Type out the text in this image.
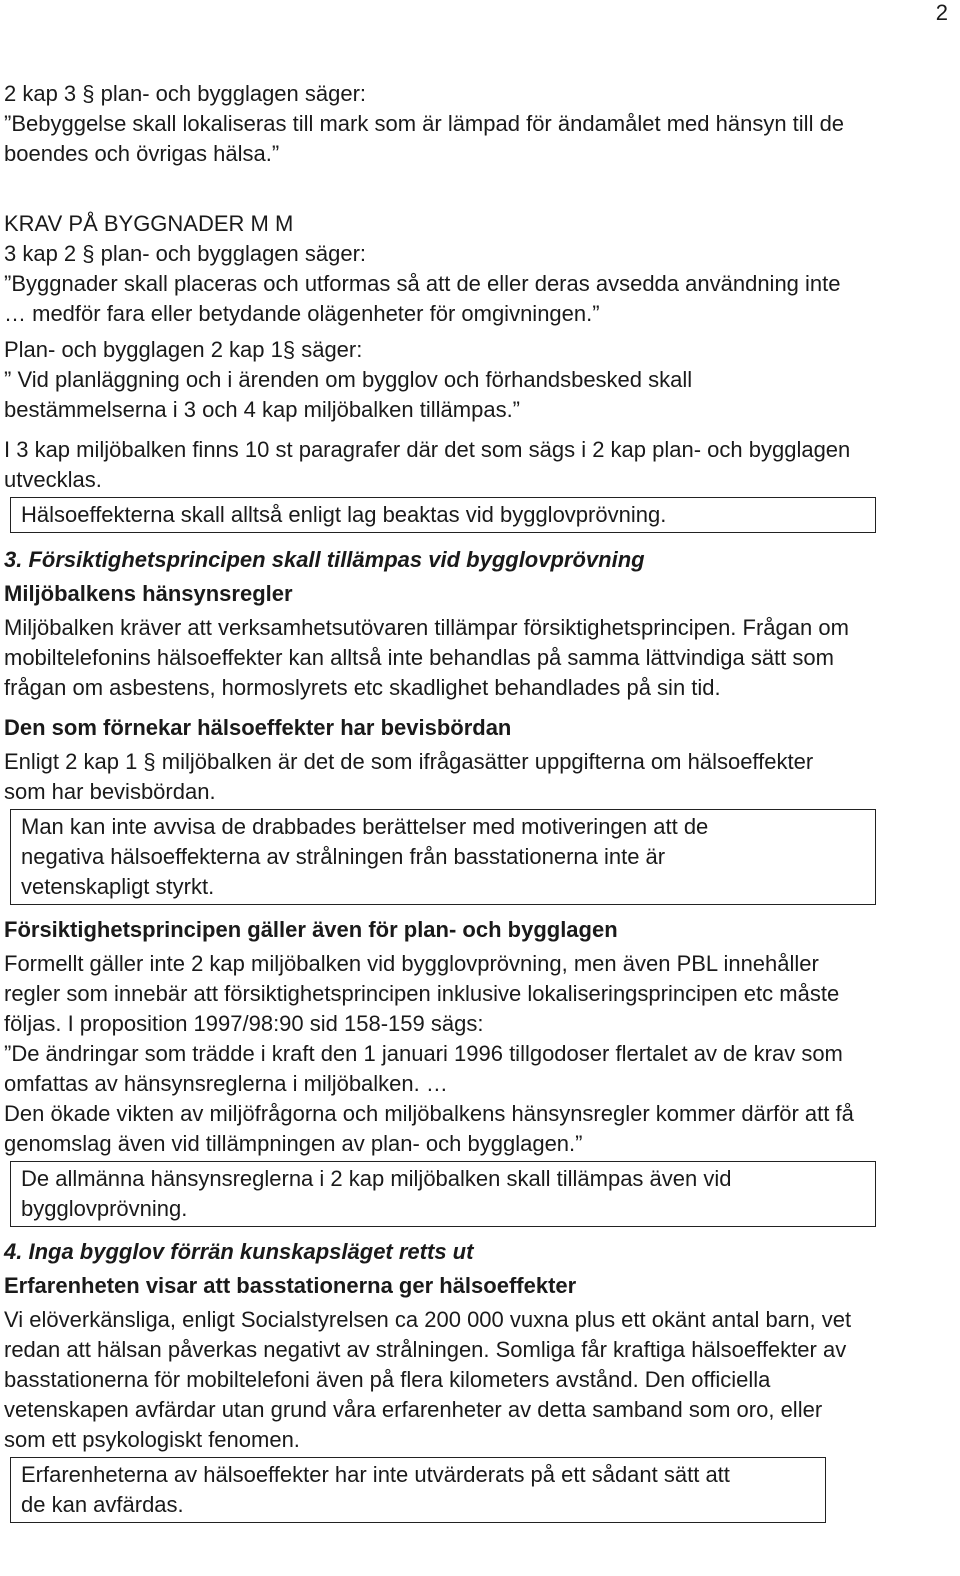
2
2 kap 3 § plan- och bygglagen säger:
”Bebyggelse skall lokaliseras till mark som är lämpad för ändamålet med hänsyn till de
boendes och övrigas hälsa.”
KRAV PÅ BYGGNADER M M
3 kap 2 § plan- och bygglagen säger:
”Byggnader skall placeras och utformas så att de eller deras avsedda användning inte
… medför fara eller betydande olägenheter för omgivningen.”
Plan- och bygglagen 2 kap 1§ säger:
” Vid planläggning och i ärenden om bygglov och förhandsbesked skall
bestämmelserna i 3 och 4 kap miljöbalken tillämpas.”
I 3 kap miljöbalken finns 10 st paragrafer där det som sägs i 2 kap plan- och bygglagen
utvecklas.
Hälsoeffekterna skall alltså enligt lag beaktas vid bygglovprövning.
3. Försiktighetsprincipen skall tillämpas vid bygglovprövning
Miljöbalkens hänsynsregler
Miljöbalken kräver att verksamhetsutövaren tillämpar försiktighetsprincipen. Frågan om
mobiltelefonins hälsoeffekter kan alltså inte behandlas på samma lättvindiga sätt som
frågan om asbestens, hormoslyrets etc skadlighet behandlades på sin tid.
Den som förnekar hälsoeffekter har bevisbördan
Enligt 2 kap 1 § miljöbalken är det de som ifrågasätter uppgifterna om hälsoeffekter
som har bevisbördan.
Man kan inte avvisa de drabbades berättelser med motiveringen att de
negativa hälsoeffekterna av strålningen från basstationerna inte är
vetenskapligt styrkt.
Försiktighetsprincipen gäller även för plan- och bygglagen
Formellt gäller inte 2 kap miljöbalken vid bygglovprövning, men även PBL innehåller
regler som innebär att försiktighetsprincipen inklusive lokaliseringsprincipen etc måste
följas. I proposition 1997/98:90 sid 158-159 sägs:
”De ändringar som trädde i kraft den 1 januari 1996 tillgodoser flertalet av de krav som
omfattas av hänsynsreglerna i miljöbalken. …
Den ökade vikten av miljöfrågorna och miljöbalkens hänsynsregler kommer därför att få
genomslag även vid tillämpningen av plan- och bygglagen.”
De allmänna hänsynsreglerna i 2 kap miljöbalken skall tillämpas även vid
bygglovprövning.
4. Inga bygglov förrän kunskapsläget retts ut
Erfarenheten visar att basstationerna ger hälsoeffekter
Vi elöverkänsliga, enligt Socialstyrelsen ca 200 000 vuxna plus ett okänt antal barn, vet
redan att hälsan påverkas negativt av strålningen. Somliga får kraftiga hälsoeffekter av
basstationerna för mobiltelefoni även på flera kilometers avstånd. Den officiella
vetenskapen avfärdar utan grund våra erfarenheter av detta samband som oro, eller
som ett psykologiskt fenomen.
Erfarenheterna av hälsoeffekter har inte utvärderats på ett sådant sätt att
de kan avfärdas.
